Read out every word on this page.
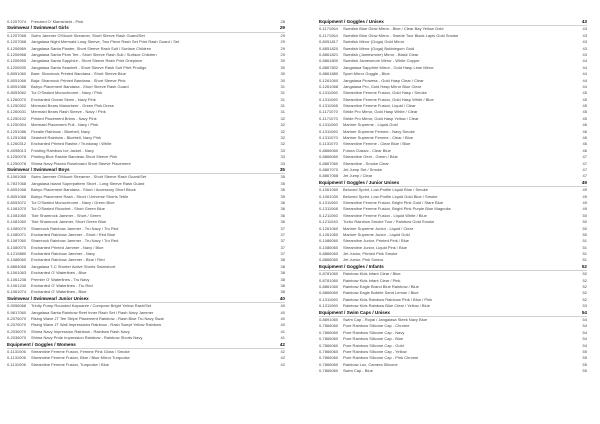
0-1207074 Frenzied O' Mamshield - Pink	28
Swimwear / Swimwear/ Girls	29
0-1207068 Swim Jammer O'Mount Streamer, Short Sleeve Rash Guard/Set	29
0-1207068 Jangalasa Night Mermaid Long Sleeve, Two Piece Rash Set Print Rash Guard / Set	29
0-1206969 Jangalasa Santa Planter, Short Sleeve Rash Suit / Surface Children	29
0-1206968 Jangalasa Santa Plum Tee - Short Sleeve Rash Suit / Surface Children	29
0-1206955 Jangalasa Santa Sapphire - Short Sleeve Rash Print Onepiece	30
0-1206930 Jangalasa Santa Seashell - Short Sleeve Rash Suit Print Prodigo	30
0-8051060 Bam: Shamrock Printed Bandana - Short Sleeve Blue	30
0-8051066 Baja: Shamrock Printed Bandana - Short Sleeve Pink	30
0-8051088 Bahyo Placement Bandana - Short Sleeve Rash Guard	31
0-8053062 Tui O'Sealed Monochrome - Navy / Pink	31
0-1260070 Enchanted Ocean Sewn - Navy Pink	31
0-1250302 Mermaid Bears Manorbeer - Green Pink Dress	31
0-1260031 Mermaid Bears Rash Sleeve - Navy / Pink	31
0-1250102 Printed Placement Brims - Navy Pink	32
0-1250304 Mermaid Placement Pull - Navy / Pink	32
0-1251086 Floralie Rainbow - Bluebell, Navy	32
0-1251068 Seashell Rainbow - Bluebell, Navy Pink	32
0-1260312 Enchanted Printed Rashie / Trunkway / White	32
0-4098013 Frosting Rainbow Ice Jacket - Navy	33
0-1250078 Printing Blue Rashie Bandeau Short Sleeve Pink	33
0-1250078 Shima Navy Placed Roseboard Short Sleeve Placement	33
Swimwear / Swimwear/ Boys	35
0-1061068 Swim Jammer O'Mount Streamer - Short Sleeve Rash Guard/Set	35
0-7837068 Jangalasa Island Superpattern Short - Long Sleeve Rash Guard	35
0-8051068 Bahyo Placement Bandana - Short / Accessory Short Block	35
0-8051068 Bahyo Placement Rash - Short / Universe Shorts Teble	35
0-8053072 Tui O'Sealed Monochrome - Navy / Green Blue	36
0-1081070 Tui O'Sealed Ricochet - Short Green Blue	36
0-1081060 Tide Shamrock Jammer - Short / Green	36
0-1081060 Tide Shamrock Jammer, Short Green Blue	36
0-1080070 Shamrock Rainbow Jammer - Tru Navy / Tru Red	37
0-1080071 Enchanted Rainbow Jammer - Short / Red Blue	37
0-1087060 Shamrock Rainbow Jammer - Tru Navy / Tru Red	37
0-1080070 Enchanted Printed Jammer - Navy / Blue	37
0-1219880 Enchanted Rainbow Jammer - Navy	37
0-1088060 Enchanted Rainbow Jammer - Blue / Red	38
0-8864068 Jangalasa T-C Shorter Active Shorts Swimshort	38
0-1061063 Enchanted O' Waterlines - Blue	38
0-1061238 Premier O' Waterlines - Tru Navy	38
0-1061240 Enchanted O' Waterlines - Tru Red	38
0-1061074 Enchanted O' Waterlines - Blue	38
Swimwear / Swimwear/ Junior Unisex	40
0-9056068 Trinity Pump Rounded Kapuaree / Compose Bright Yellow Rash/Set	40
0-9617060 Jangalasa Santa Rainbow Reef Inner Rash Set / Rash Navy Jammer	40
0-2076070 Rising Wave JT Tee Stripe Placement Rainbow - Rash Blue Tru Navy Swat	40
0-2076070 Rising Wave JT Wall Impressions Rainbow - Rash Swept Yellow Rainbow	40
0-2036070 Shima Navy Impression Rainbow - Rainbow Rash Navy	41
0-2036070 Shima Navy Pride Impression Rainbow - Rainbow Shorts Navy	41
Equipment / Goggles / Womens	42
0-1131006 Streamline Femme Fusion, Femme Pink Gloss / Smoke	42
0-1131006 Streamline Femme Fusion, Blue / Blue Mirror Turquoise	42
0-1131006 Streamline Femme Fusion, Turquoise / Blue	42
Equipment / Goggles / Unisex	43
0-1171064 Swedish Blue Glow Mirror - Blue / Clear Bay Yellow Gold	43
0-1171064 Swedish Blue Glow Mirror - Swede Tour Black Lapis Gold Smoke	43
0-8051817 Swedish Mirror (Goga) Gold Mirror	43
0-8851820 Swedish Mirror (Goga) Bubblegum Gold	43
0-8861821 Swedish (Jamesmore) Mirror - Black Clear	43
0-8861800 Swedish Jamesmore Mirror - White Copper	44
0-8867802 Jangalasa Sapphire Mirror - Gold Hasp Lime Mirror	44
0-8861880 Sport Mirror Goggle - Blue	44
0-1261060 Jangalasa Prowess - Gold Hasp Clear / Clear	44
0-1261068 Jangalasa Pro, Gold Hasp Mirror Blue Clear	44
0-1311060 Streamline Femme Fusion, Gold Hasp / Smoke	45
0-1311060 Streamline Femme Fusion, Gold Hasp White / Blue	45
0-1311068 Streamline Femme Fusion, Liquid / Clear	45
0-1171070 Stride Pro Mirror, Gold Hasp White / Clear	45
0-1171070 Stride Pro Mirror, Gold Hasp Yellow / Clear	45
0-1311060 Mariner Supreme - Liquid Gold	46
0-1311060 Mariner Supreme Femme - Navy Smoke	46
0-1311070 Mariner Supreme Femme - Clear / Blue	46
0-1131070 Streamline Femme - Clear Blue / Blue	46
0-8866060 Futura Classic - Clear Blue	46
0-8866060 Streamline Gem - Green / Blue	47
0-8867060 Streamline - Smoke Clear	47
0-8867070 Jet Jump Set / Smoke	47
0-8867068 Jet Jump / Clear	47
Equipment / Goggles / Junior Unisex	49
0-1061060 Beloved Sprint, Low-Profile Liquid Blue / Smoke	49
0-1061030 Beloved Sprint, Low-Profile Liquid Gold Blue / Smoke	49
0-1311060 Streamline Femme Fusion, Bright Pink Gold / Stare Blue	49
0-1311068 Streamline Femme Fusion, Bright Pink Purple Blue Magnolia	49
0-1211060 Streamline Femme Fusion - Liquid White / Blue	50
0-1211040 Turbo Rainbow Smoke Tour / Rainbow Gold Smoke	50
0-1261060 Mariner Supreme Junior - Liquid / Clear	50
0-1261060 Mariner Supreme Junior - Liquid Gold	50
0-1086060 Streamline Junior, Printed Pink / Blue	51
0-1086060 Streamline Junior, Liquid Pink / Blue	51
0-8866060 Jet Junior, Printed Pink Smoke	51
0-8868060 Jet Junior, Pink Sonics	51
Equipment / Goggles / Infants	52
0-8781060 Rainbow Kids Infant Clear / Blue	52
0-8781060 Rainbow Kids Infant Clear / Pink	52
0-8861060 Rainbow Eagle Brand Blue Rainbow / Blue	52
0-8866060 Rainbow Eagle Bubble Sand Lemon / Blue	52
0-1311060 Rainbow Kids Rainbow Rainbow Pink / Blue / Pink	52
0-1311060 Rainbow Kids Rainbow Blue Clear / Yellow / Blue	53
Equipment / Swim Caps / Unisex	54
0-8891060 Swim Cap - Royal / Jangalasa Sleek Navy Blue	54
0-7866060 Pure Rainbow Silicone Cap - Chrome	54
0-7866060 Pure Rainbow Silicone Cap - Navy	54
0-7866060 Pure Rainbow Silicone Cap - Blue	54
0-7866060 Pure Rainbow Silicone Cap - Gold	54
0-7866060 Pure Rainbow Silicone Cap - Yellow	55
0-7866060 Pure Rainbow Silicone Cap - Pink Chrome	55
0-7866060 Rainbow Lux, Camera Silicone	55
0-7866060 Swim Cap - Blue	55
